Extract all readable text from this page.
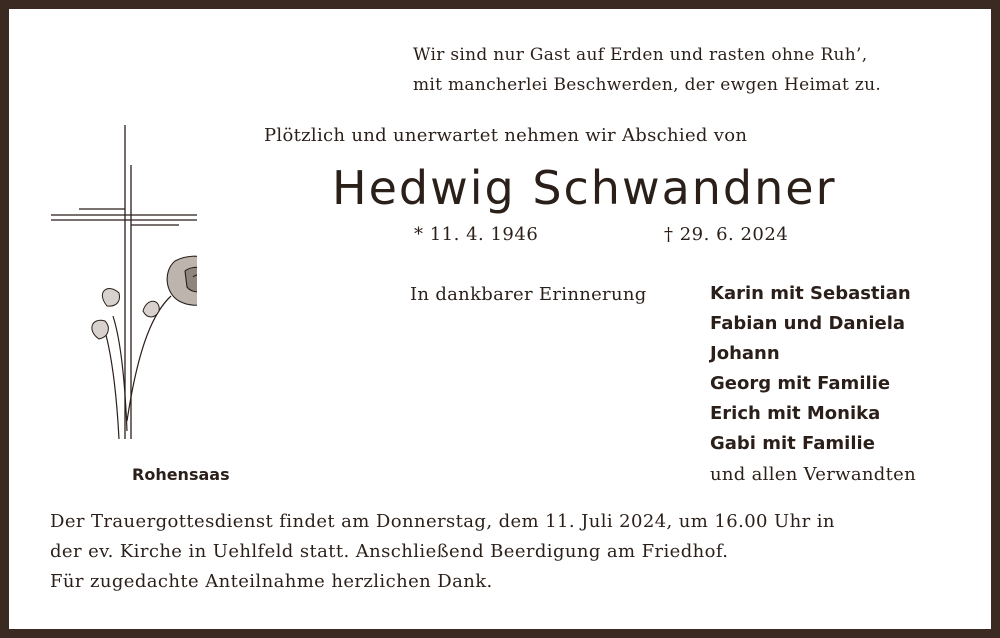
Wir sind nur Gast auf Erden und rasten ohne Ruh’,
mit mancherlei Beschwerden, der ewgen Heimat zu.
Plötzlich und unerwartet nehmen wir Abschied von
Hedwig Schwandner
* 11. 4. 1946	† 29. 6. 2024
In dankbarer Erinnerung	Karin mit Sebastian
Fabian und Daniela
Johann
Georg mit Familie
Erich mit Monika
Gabi mit Familie
und allen Verwandten
Rohensaas
Der Trauergottesdienst findet am Donnerstag, dem 11. Juli 2024, um 16.00 Uhr in
der ev. Kirche in Uehlfeld statt. Anschließend Beerdigung am Friedhof.
Für zugedachte Anteilnahme herzlichen Dank.
